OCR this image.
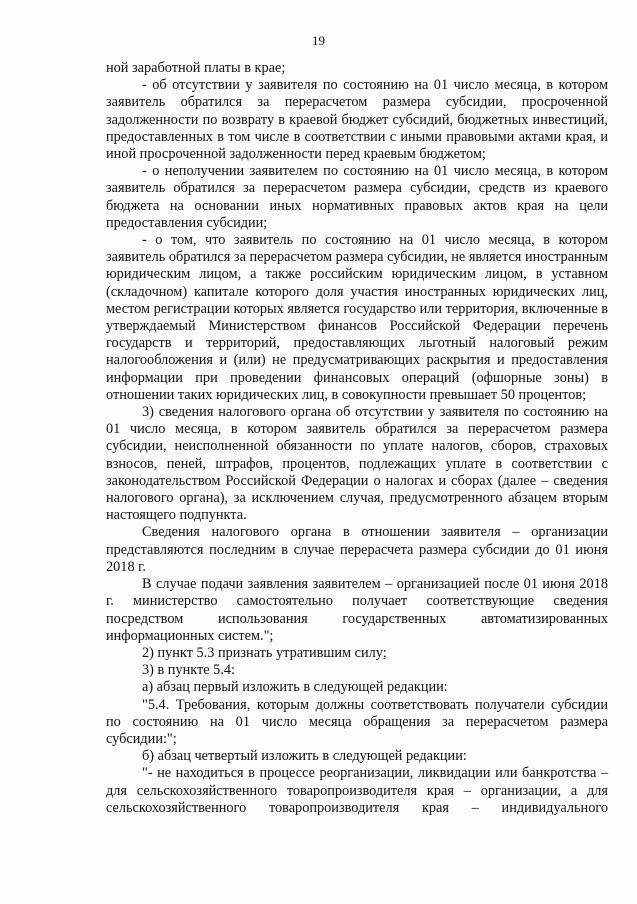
19

ной заработной платы в крае;

- об отсутствии у заявителя по состоянию на 01 число месяца, в котором заявитель обратился за перерасчетом размера субсидии, просроченной задолженности по возврату в краевой бюджет субсидий, бюджетных инвестиций, предоставленных в том числе в соответствии с иными правовыми актами края, и иной просроченной задолженности перед краевым бюджетом;

- о неполучении заявителем по состоянию на 01 число месяца, в котором заявитель обратился за перерасчетом размера субсидии, средств из краевого бюджета на основании иных нормативных правовых актов края на цели предоставления субсидии;

- о том, что заявитель по состоянию на 01 число месяца, в котором заявитель обратился за перерасчетом размера субсидии, не является иностранным юридическим лицом, а также российским юридическим лицом, в уставном (складочном) капитале которого доля участия иностранных юридических лиц, местом регистрации которых является государство или территория, включенные в утверждаемый Министерством финансов Российской Федерации перечень государств и территорий, предоставляющих льготный налоговый режим налогообложения и (или) не предусматривающих раскрытия и предоставления информации при проведении финансовых операций (офшорные зоны) в отношении таких юридических лиц, в совокупности превышает 50 процентов;

3) сведения налогового органа об отсутствии у заявителя по состоянию на 01 число месяца, в котором заявитель обратился за перерасчетом размера субсидии, неисполненной обязанности по уплате налогов, сборов, страховых взносов, пеней, штрафов, процентов, подлежащих уплате в соответствии с законодательством Российской Федерации о налогах и сборах (далее – сведения налогового органа), за исключением случая, предусмотренного абзацем вторым настоящего подпункта.

Сведения налогового органа в отношении заявителя – организации представляются последним в случае перерасчета размера субсидии до 01 июня 2018 г.

В случае подачи заявления заявителем – организацией после 01 июня 2018 г. министерство самостоятельно получает соответствующие сведения посредством использования государственных автоматизированных информационных систем.";

2) пункт 5.3 признать утратившим силу;

3) в пункте 5.4:

а) абзац первый изложить в следующей редакции:

"5.4. Требования, которым должны соответствовать получатели субсидии по состоянию на 01 число месяца обращения за перерасчетом размера субсидии:";

б) абзац четвертый изложить в следующей редакции:

"- не находиться в процессе реорганизации, ликвидации или банкротства – для сельскохозяйственного товаропроизводителя края – организации, а для сельскохозяйственного товаропроизводителя края – индивидуального
